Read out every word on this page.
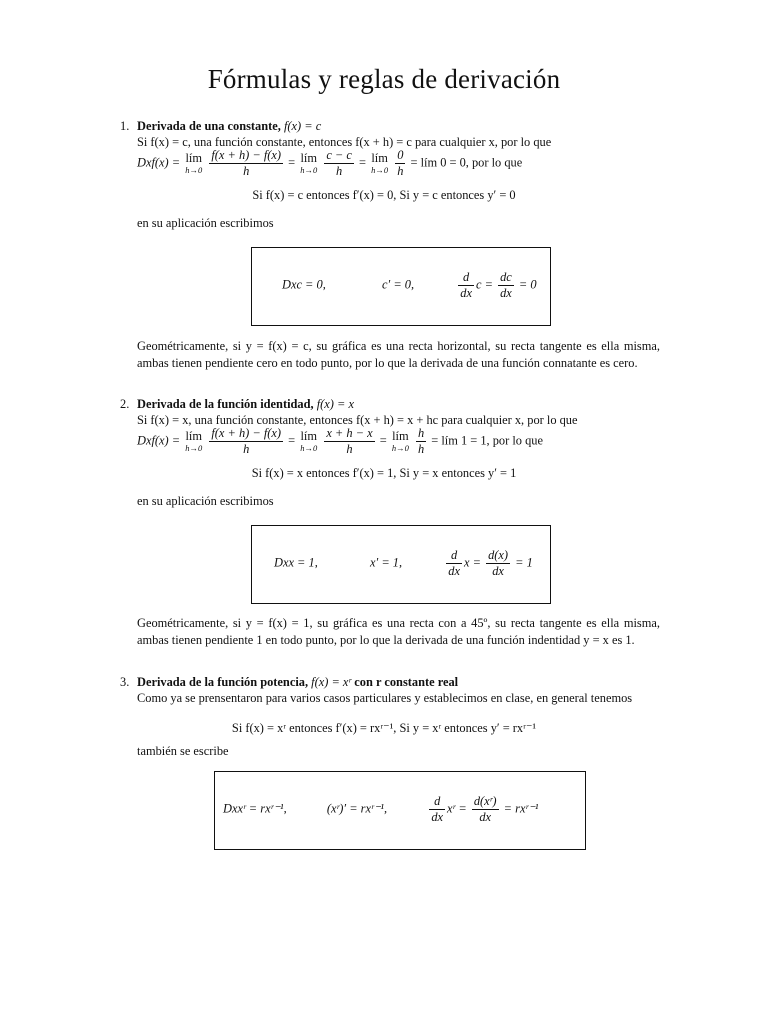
Fórmulas y reglas de derivación
1. Derivada de una constante, f(x) = c
Si f(x) = c, una función constante, entonces f(x + h) = c para cualquier x, por lo que
Dxf(x) = lím
h→0
$\frac{f(x + h) - f(x)}{h}$ = lím
h→0
$\frac{c - c}{h}$ = lím
h→0
$\frac{0}{h}$ = lím 0 = 0, por lo que
Si f(x) = c entonces f′(x) = 0, Si y = c entonces y′ = 0
en su aplicación escribimos
Dxc = 0,	c′ = 0,	$\frac{d}{dx}$ $c = \frac{dc}{dx} = 0$
Geométricamente, si y = f(x) = c, su gráfica es una recta horizontal, su recta tangente es ella misma, ambas tienen pendiente cero en todo punto, por lo que la derivada de una función connatante es cero.
2. Derivada de la función identidad, f(x) = x
Si f(x) = x, una función constante, entonces f(x + h) = x + hc para cualquier x, por lo que
Dxf(x) = lím
h→0
$\frac{f(x + h) - f(x)}{h}$ = lím
h→0
$\frac{x + h - x}{h}$ = lím
h→0
$\frac{h}{h}$ = lím 1 = 1, por lo que
Si f(x) = x entonces f′(x) = 1, Si y = x entonces y′ = 1
en su aplicación escribimos
Dxx = 1,	x′ = 1,	$\frac{d}{dx}$ $x = \frac{d(x)}{dx} = 1$
Geométricamente, si y = f(x) = 1, su gráfica es una recta con a 45º, su recta tangente es ella misma, ambas tienen pendiente 1 en todo punto, por lo que la derivada de una función indentidad y = x es 1.
3. Derivada de la función potencia, f(x) = xʳ con r constante real
Como ya se prensentaron para varios casos particulares y establecimos en clase, en general tenemos
Si f(x) = xʳ entonces f′(x) = rxʳ⁻¹, Si y = xʳ entonces y′ = rxʳ⁻¹
también se escribe
Dxxʳ = rxʳ⁻¹,	(xʳ)′ = rxʳ⁻¹,	$\frac{d}{dx}$ xʳ = $\frac{\text{d(xʳ)}}{dx}$ = rxʳ⁻¹
